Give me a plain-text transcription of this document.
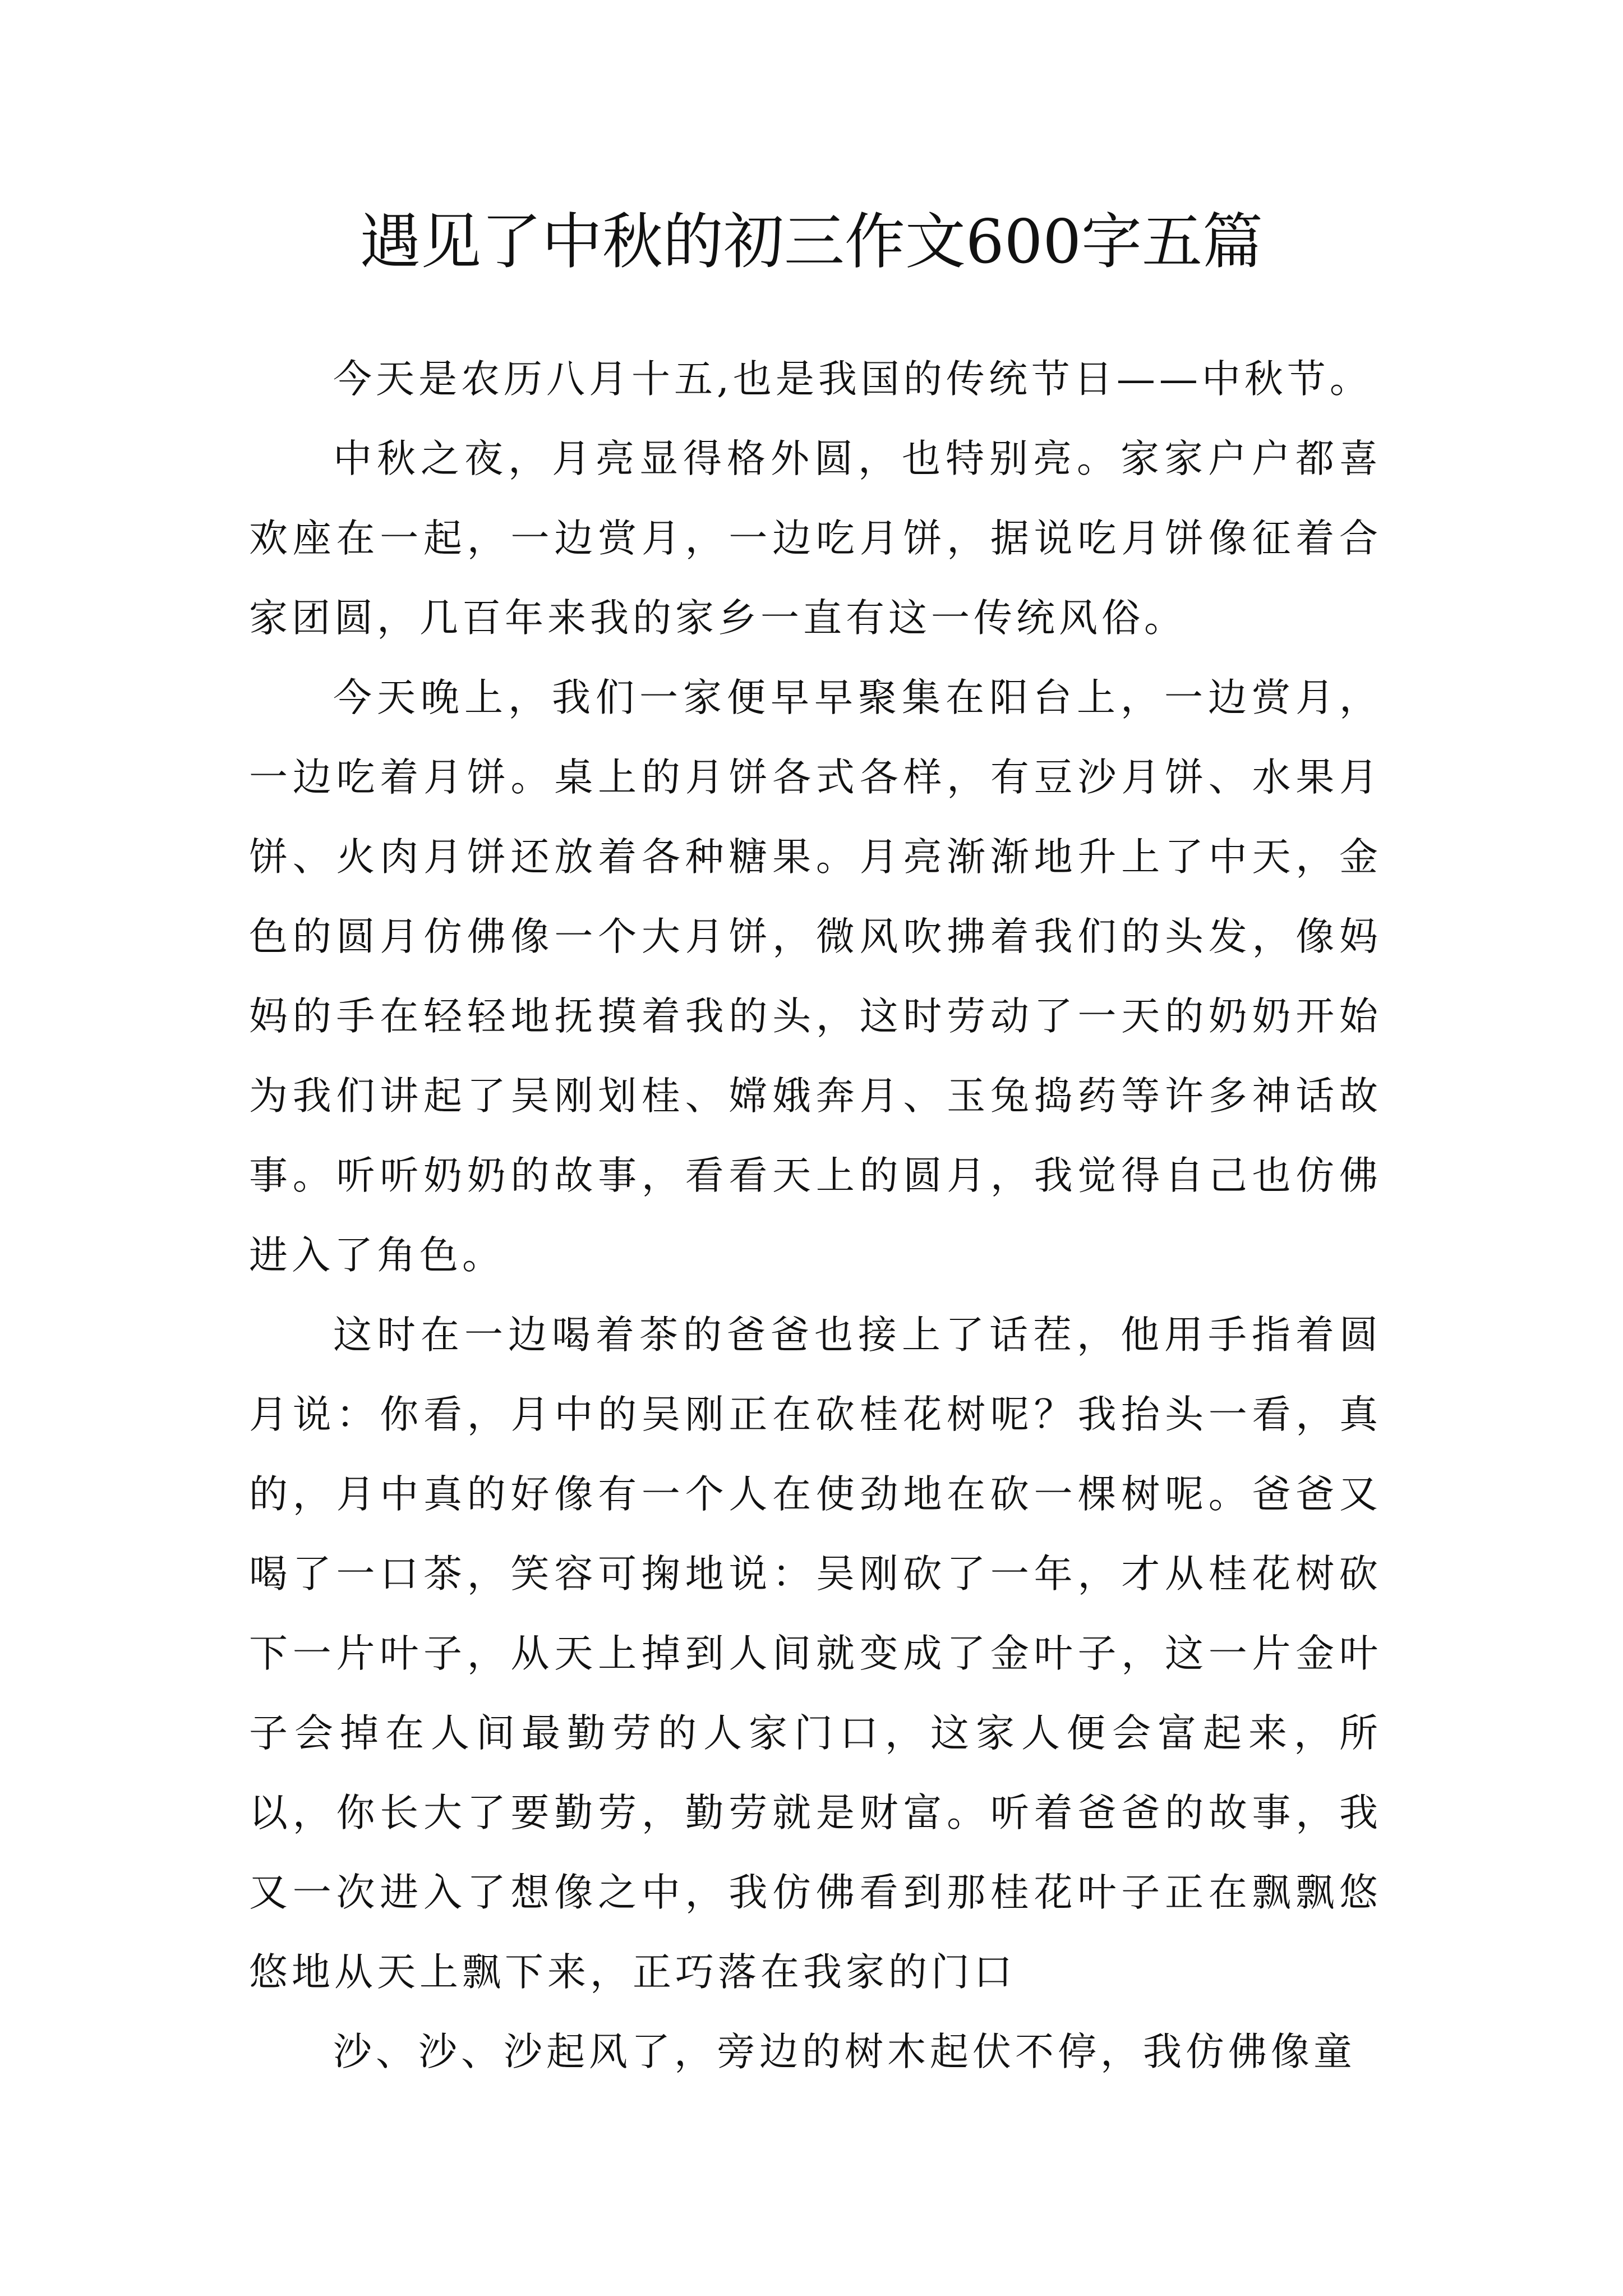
遇见了中秋的初三作文600字五篇

今天是农历八月十五,也是我国的传统节日——中秋节。

中秋之夜，月亮显得格外圆，也特别亮。家家户户都喜欢座在一起，一边赏月，一边吃月饼，据说吃月饼像征着合家团圆，几百年来我的家乡一直有这一传统风俗。

今天晚上，我们一家便早早聚集在阳台上，一边赏月，一边吃着月饼。桌上的月饼各式各样，有豆沙月饼、水果月饼、火肉月饼还放着各种糖果。月亮渐渐地升上了中天，金色的圆月仿佛像一个大月饼，微风吹拂着我们的头发，像妈妈的手在轻轻地抚摸着我的头，这时劳动了一天的奶奶开始为我们讲起了吴刚划桂、嫦娥奔月、玉兔捣药等许多神话故事。听听奶奶的故事，看看天上的圆月，我觉得自己也仿佛进入了角色。

这时在一边喝着茶的爸爸也接上了话茬，他用手指着圆月说：你看，月中的吴刚正在砍桂花树呢？我抬头一看，真的，月中真的好像有一个人在使劲地在砍一棵树呢。爸爸又喝了一口茶，笑容可掬地说：吴刚砍了一年，才从桂花树砍下一片叶子，从天上掉到人间就变成了金叶子，这一片金叶子会掉在人间最勤劳的人家门口，这家人便会富起来，所以，你长大了要勤劳，勤劳就是财富。听着爸爸的故事，我又一次进入了想像之中，我仿佛看到那桂花叶子正在飘飘悠悠地从天上飘下来，正巧落在我家的门口

沙、沙、沙起风了，旁边的树木起伏不停，我仿佛像童
